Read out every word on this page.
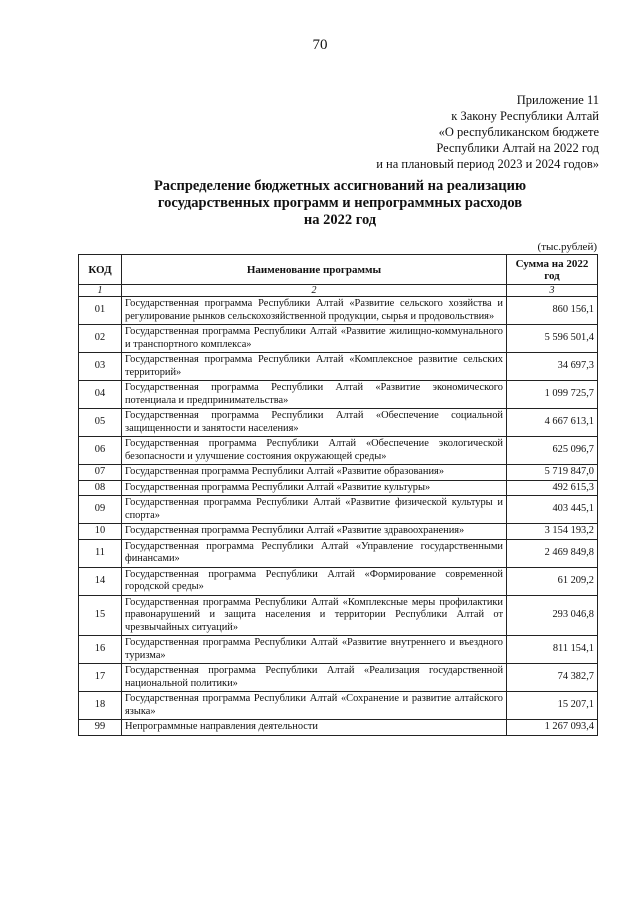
70
Приложение 11
к Закону Республики Алтай
«О республиканском бюджете
Республики Алтай на 2022 год
и на плановый период 2023 и 2024 годов»
Распределение бюджетных ассигнований на реализацию
государственных программ и непрограммных расходов
на 2022 год
(тыс.рублей)
КОД	Наименование программы	Сумма на 2022 год
1	2	3
01	Государственная программа Республики Алтай «Развитие сельского хозяйства и регулирование рынков сельскохозяйственной продукции, сырья и продовольствия»	860 156,1
02	Государственная программа Республики Алтай «Развитие жилищно-коммунального и транспортного комплекса»	5 596 501,4
03	Государственная программа Республики Алтай «Комплексное развитие сельских территорий»	34 697,3
04	Государственная программа Республики Алтай «Развитие экономического потенциала и предпринимательства»	1 099 725,7
05	Государственная программа Республики Алтай «Обеспечение социальной защищенности и занятости населения»	4 667 613,1
06	Государственная программа Республики Алтай «Обеспечение экологической безопасности и улучшение состояния окружающей среды»	625 096,7
07	Государственная программа Республики Алтай «Развитие образования»	5 719 847,0
08	Государственная программа Республики Алтай «Развитие культуры»	492 615,3
09	Государственная программа Республики Алтай «Развитие физической культуры и спорта»	403 445,1
10	Государственная программа Республики Алтай «Развитие здравоохранения»	3 154 193,2
11	Государственная программа Республики Алтай «Управление государственными финансами»	2 469 849,8
14	Государственная программа Республики Алтай «Формирование современной городской среды»	61 209,2
15	Государственная программа Республики Алтай «Комплексные меры профилактики правонарушений и защита населения и территории Республики Алтай от чрезвычайных ситуаций»	293 046,8
16	Государственная программа Республики Алтай «Развитие внутреннего и въездного туризма»	811 154,1
17	Государственная программа Республики Алтай «Реализация государственной национальной политики»	74 382,7
18	Государственная программа Республики Алтай «Сохранение и развитие алтайского языка»	15 207,1
99	Непрограммные направления деятельности	1 267 093,4
